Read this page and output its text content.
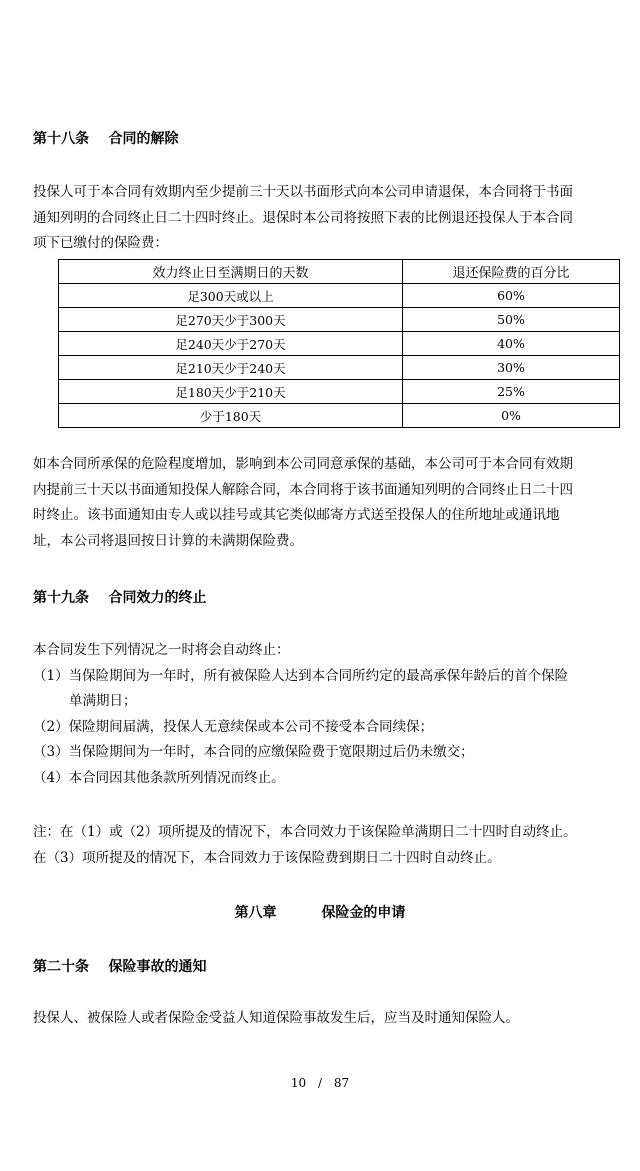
第十八条    合同的解除
投保人可于本合同有效期内至少提前三十天以书面形式向本公司申请退保，本合同将于书面
通知列明的合同终止日二十四时终止。退保时本公司将按照下表的比例退还投保人于本合同
项下已缴付的保险费：
效力终止日至满期日的天数	退还保险费的百分比
足300天或以上	60%
足270天少于300天	50%
足240天少于270天	40%
足210天少于240天	30%
足180天少于210天	25%
少于180天	0%
如本合同所承保的危险程度增加，影响到本公司同意承保的基础，本公司可于本合同有效期
内提前三十天以书面通知投保人解除合同，本合同将于该书面通知列明的合同终止日二十四
时终止。该书面通知由专人或以挂号或其它类似邮寄方式送至投保人的住所地址或通讯地
址，本公司将退回按日计算的未满期保险费。
第十九条    合同效力的终止
本合同发生下列情况之一时将会自动终止：
（1）当保险期间为一年时，所有被保险人达到本合同所约定的最高承保年龄后的首个保险
单满期日；
（2）保险期间届满，投保人无意续保或本公司不接受本合同续保；
（3）当保险期间为一年时，本合同的应缴保险费于宽限期过后仍未缴交；
（4）本合同因其他条款所列情况而终止。
注：在（1）或（2）项所提及的情况下，本合同效力于该保险单满期日二十四时自动终止。
在（3）项所提及的情况下，本合同效力于该保险费到期日二十四时自动终止。
第八章	保险金的申请
第二十条    保险事故的通知
投保人、被保险人或者保险金受益人知道保险事故发生后，应当及时通知保险人。
10 / 87
